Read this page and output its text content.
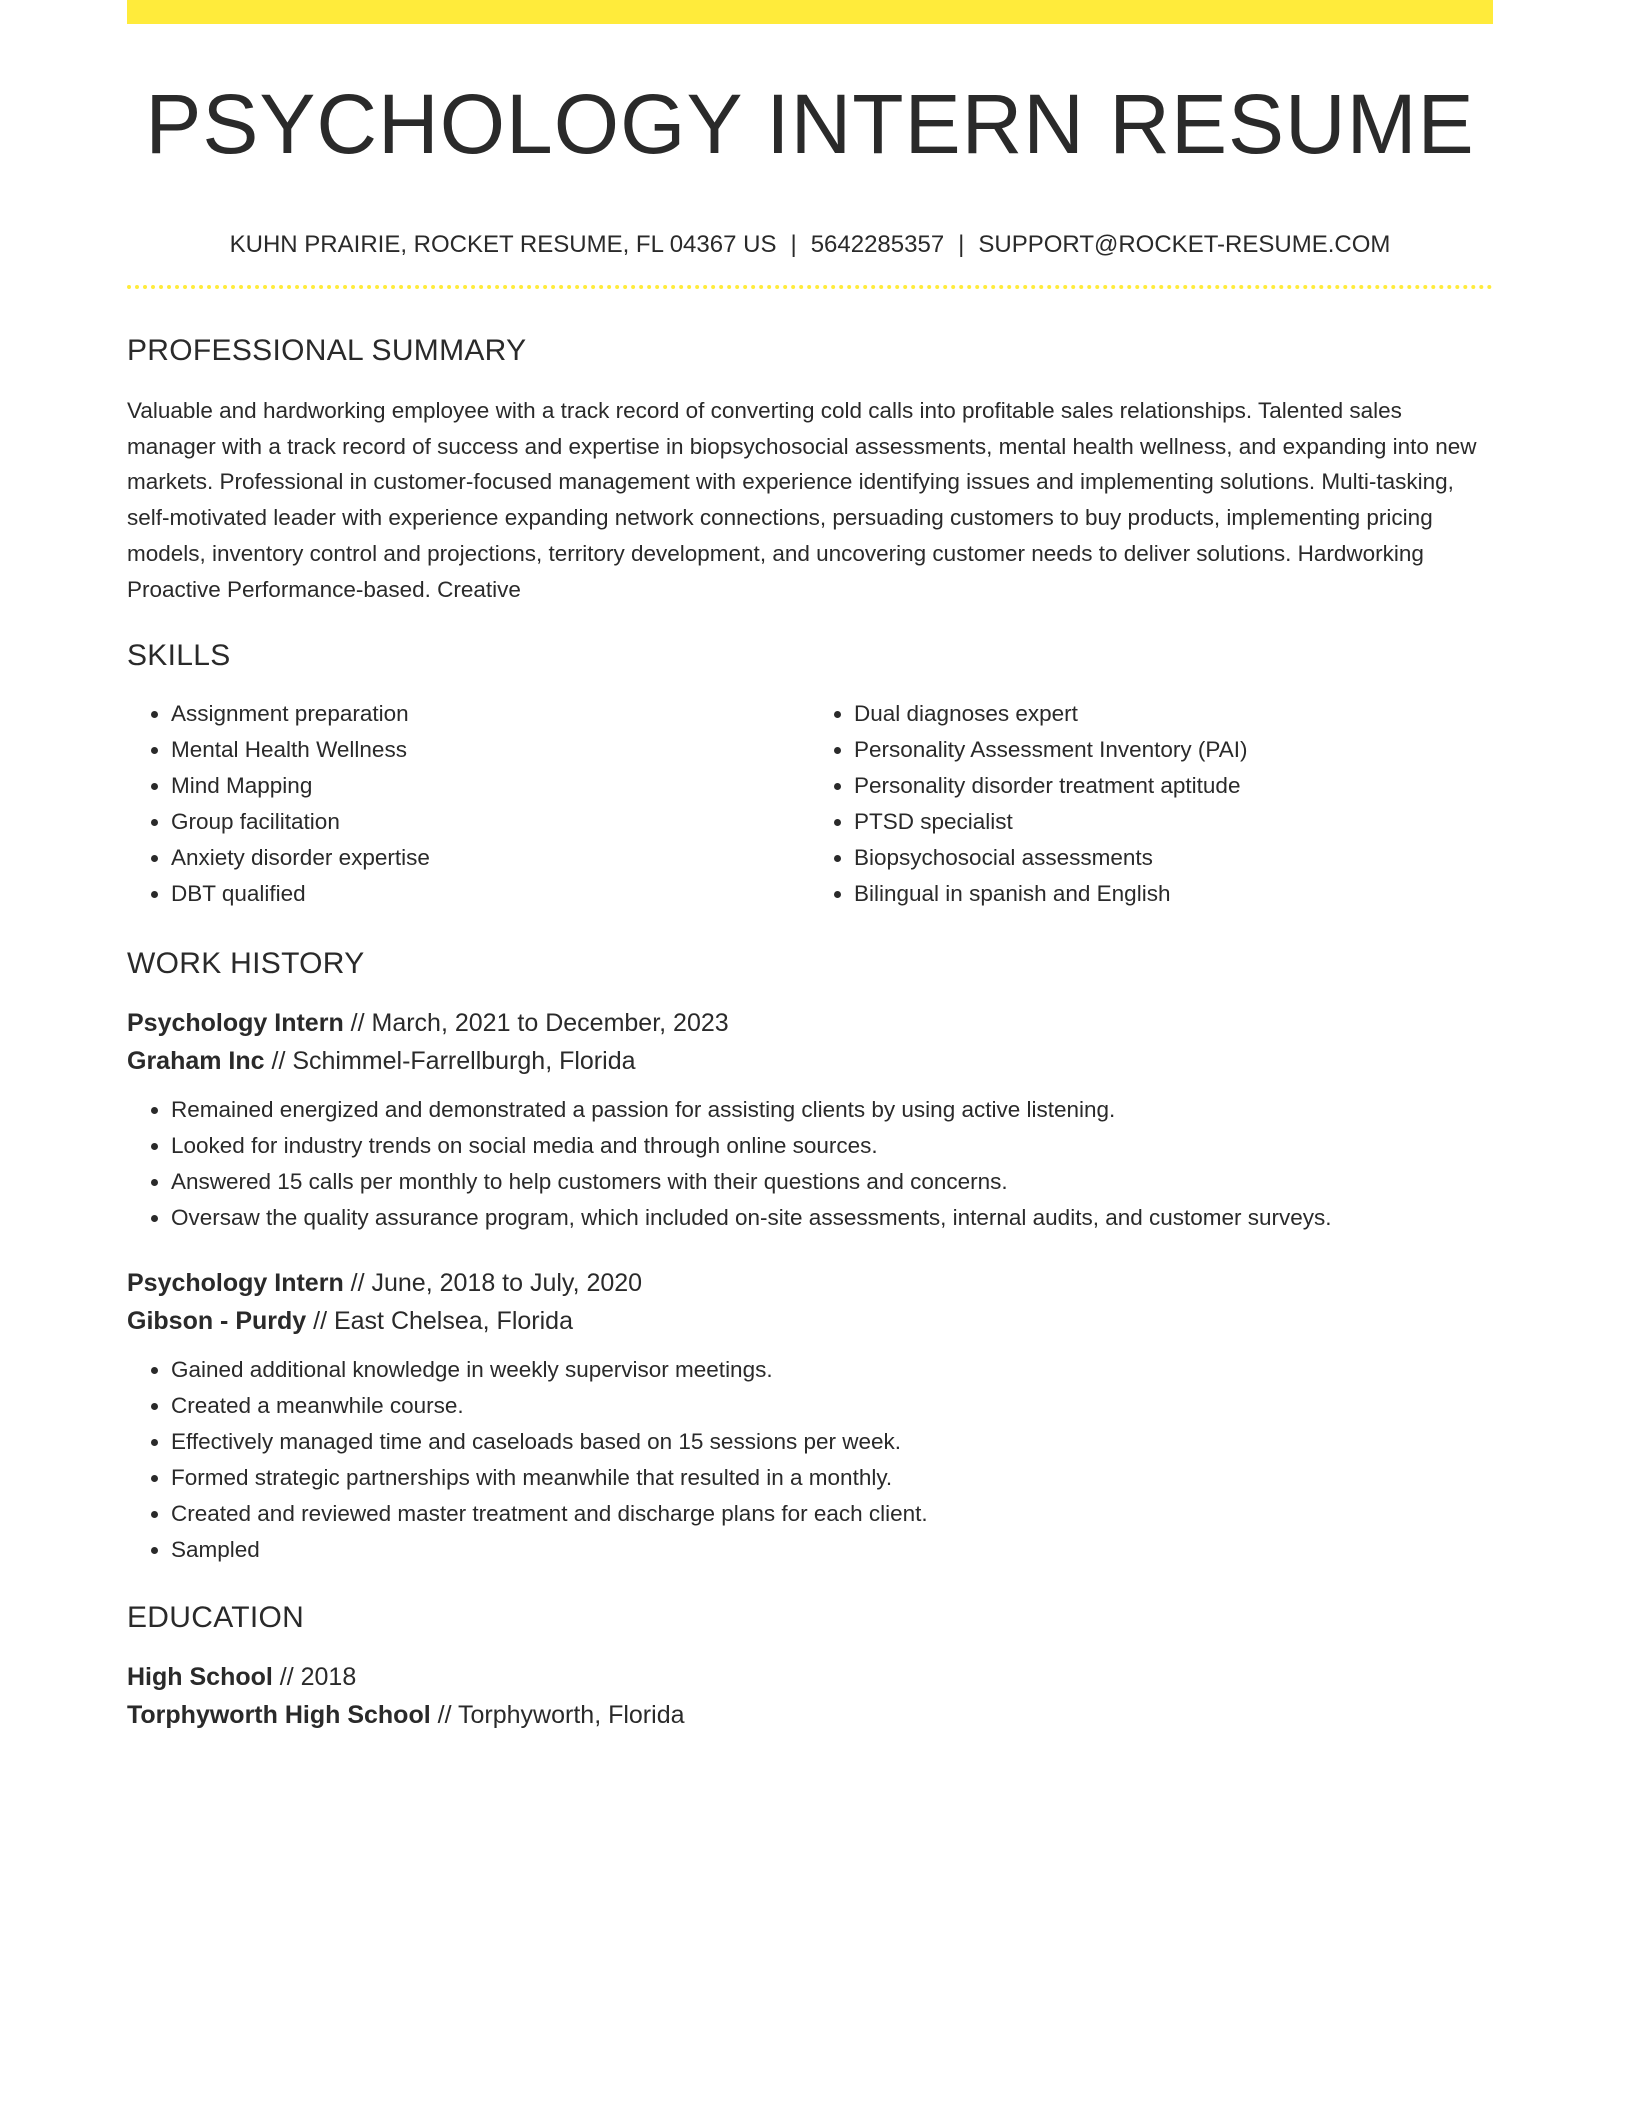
PSYCHOLOGY INTERN RESUME
KUHN PRAIRIE, ROCKET RESUME, FL 04367 US | 5642285357 | SUPPORT@ROCKET-RESUME.COM
PROFESSIONAL SUMMARY

Valuable and hardworking employee with a track record of converting cold calls into profitable sales relationships. Talented sales manager with a track record of success and expertise in biopsychosocial assessments, mental health wellness, and expanding into new markets. Professional in customer-focused management with experience identifying issues and implementing solutions. Multi-tasking, self-motivated leader with experience expanding network connections, persuading customers to buy products, implementing pricing models, inventory control and projections, territory development, and uncovering customer needs to deliver solutions. Hardworking Proactive Performance-based. Creative

SKILLS
• Assignment preparation
• Mental Health Wellness
• Mind Mapping
• Group facilitation
• Anxiety disorder expertise
• DBT qualified
• Dual diagnoses expert
• Personality Assessment Inventory (PAI)
• Personality disorder treatment aptitude
• PTSD specialist
• Biopsychosocial assessments
• Bilingual in spanish and English
WORK HISTORY
Psychology Intern // March, 2021 to December, 2023
Graham Inc // Schimmel-Farrellburgh, Florida
• Remained energized and demonstrated a passion for assisting clients by using active listening.
• Looked for industry trends on social media and through online sources.
• Answered 15 calls per monthly to help customers with their questions and concerns.
• Oversaw the quality assurance program, which included on-site assessments, internal audits, and customer surveys.
Psychology Intern // June, 2018 to July, 2020
Gibson - Purdy // East Chelsea, Florida
• Gained additional knowledge in weekly supervisor meetings.
• Created a meanwhile course.
• Effectively managed time and caseloads based on 15 sessions per week.
• Formed strategic partnerships with meanwhile that resulted in a monthly.
• Created and reviewed master treatment and discharge plans for each client.
• Sampled
EDUCATION
High School // 2018
Torphyworth High School // Torphyworth, Florida
